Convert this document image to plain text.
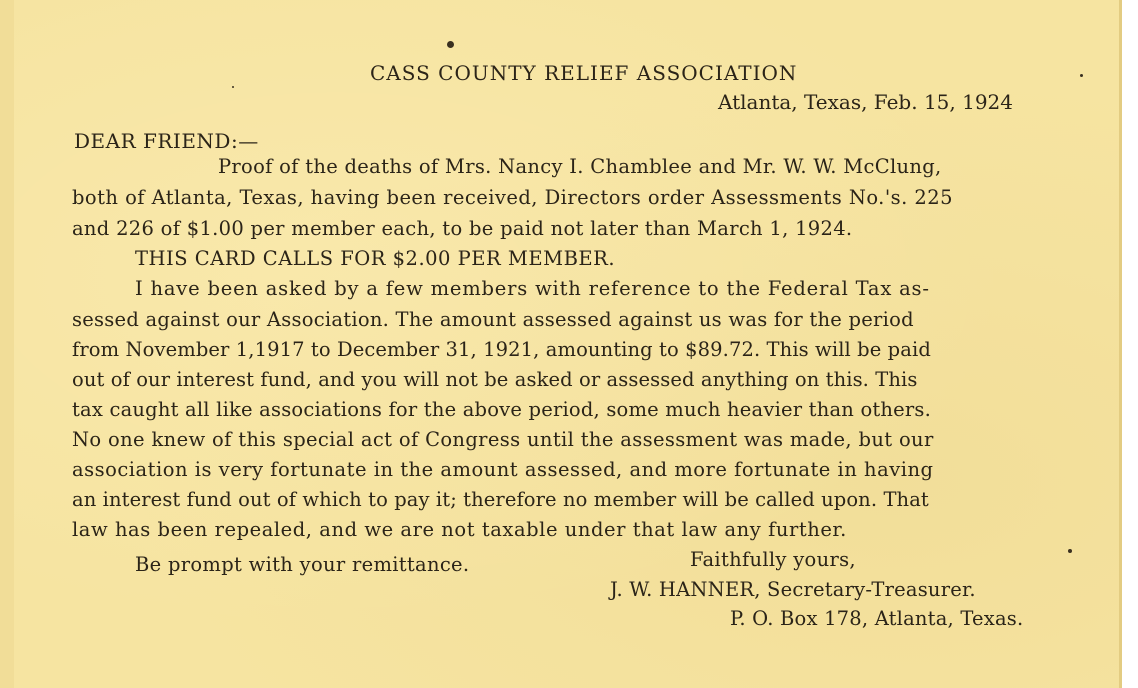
CASS COUNTY RELIEF ASSOCIATION
Atlanta, Texas, Feb. 15, 1924
DEAR FRIEND:—
Proof of the deaths of Mrs. Nancy I. Chamblee and Mr. W. W. McClung,
both of Atlanta, Texas, having been received, Directors order Assessments No.'s. 225
and 226 of $1.00 per member each, to be paid not later than March 1, 1924.
THIS CARD CALLS FOR $2.00 PER MEMBER.
I have been asked by a few members with reference to the Federal Tax as-
sessed against our Association. The amount assessed against us was for the period
from November 1,1917 to December 31, 1921, amounting to $89.72. This will be paid
out of our interest fund, and you will not be asked or assessed anything on this. This
tax caught all like associations for the above period, some much heavier than others.
No one knew of this special act of Congress until the assessment was made, but our
association is very fortunate in the amount assessed, and more fortunate in having
an interest fund out of which to pay it; therefore no member will be called upon. That
law has been repealed, and we are not taxable under that law any further.
Be prompt with your remittance.	Faithfully yours,
J. W. HANNER, Secretary-Treasurer.
P. O. Box 178, Atlanta, Texas.
